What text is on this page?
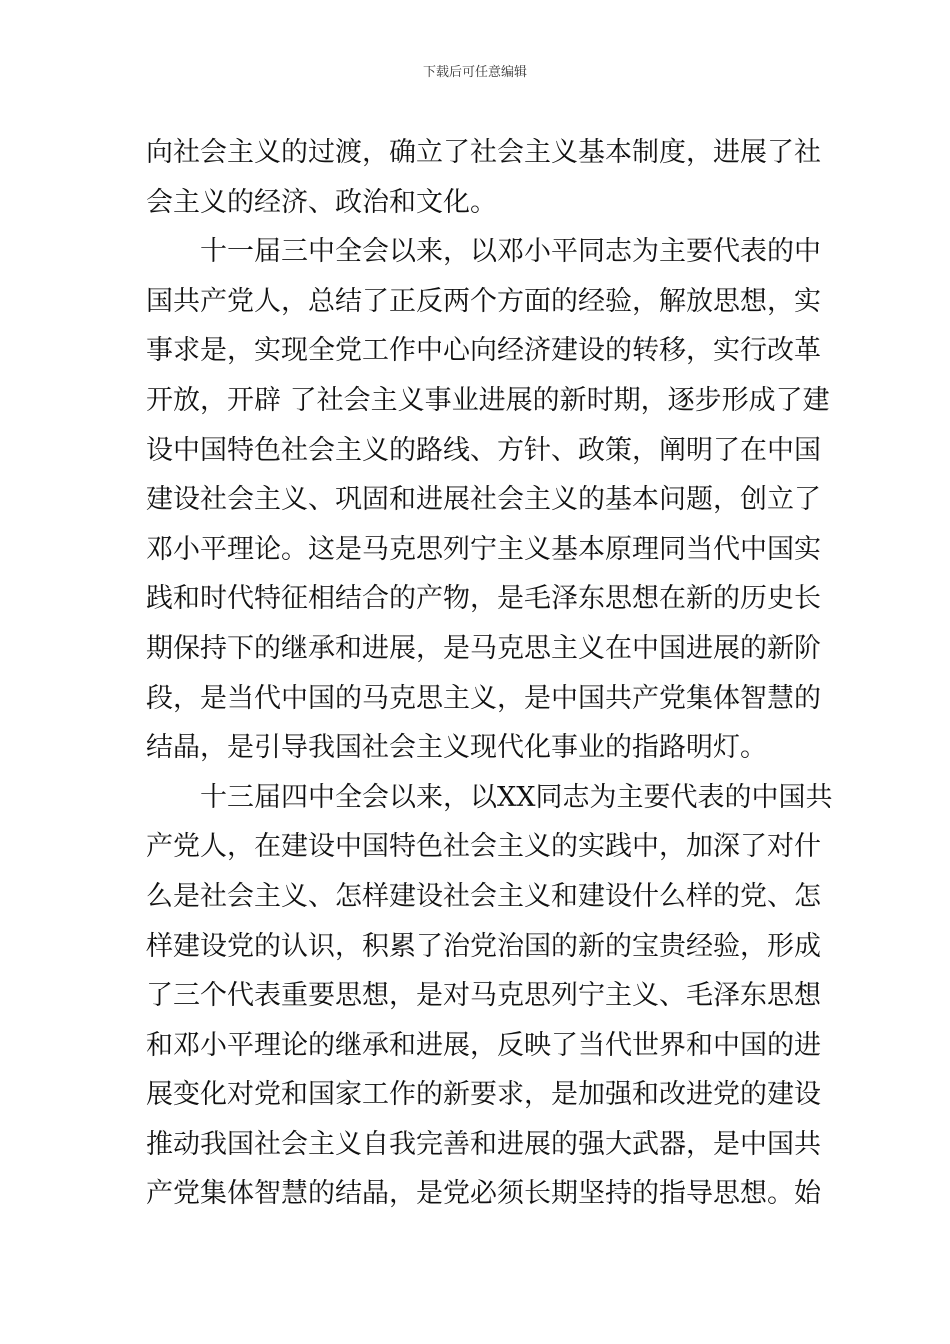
下载后可任意编辑
向社会主义的过渡，确立了社会主义基本制度，进展了社
会主义的经济、政治和文化。
十一届三中全会以来，以邓小平同志为主要代表的中
国共产党人，总结了正反两个方面的经验，解放思想，实
事求是，实现全党工作中心向经济建设的转移，实行改革
开放，开辟 了社会主义事业进展的新时期，逐步形成了建
设中国特色社会主义的路线、方针、政策，阐明了在中国
建设社会主义、巩固和进展社会主义的基本问题，创立了
邓小平理论。这是马克思列宁主义基本原理同当代中国实
践和时代特征相结合的产物，是毛泽东思想在新的历史长
期保持下的继承和进展，是马克思主义在中国进展的新阶
段，是当代中国的马克思主义，是中国共产党集体智慧的
结晶，是引导我国社会主义现代化事业的指路明灯。
十三届四中全会以来，以XX同志为主要代表的中国共
产党人，在建设中国特色社会主义的实践中，加深了对什
么是社会主义、怎样建设社会主义和建设什么样的党、怎
样建设党的认识，积累了治党治国的新的宝贵经验，形成
了三个代表重要思想，是对马克思列宁主义、毛泽东思想
和邓小平理论的继承和进展，反映了当代世界和中国的进
展变化对党和国家工作的新要求，是加强和改进党的建设
推动我国社会主义自我完善和进展的强大武器，是中国共
产党集体智慧的结晶，是党必须长期坚持的指导思想。始
